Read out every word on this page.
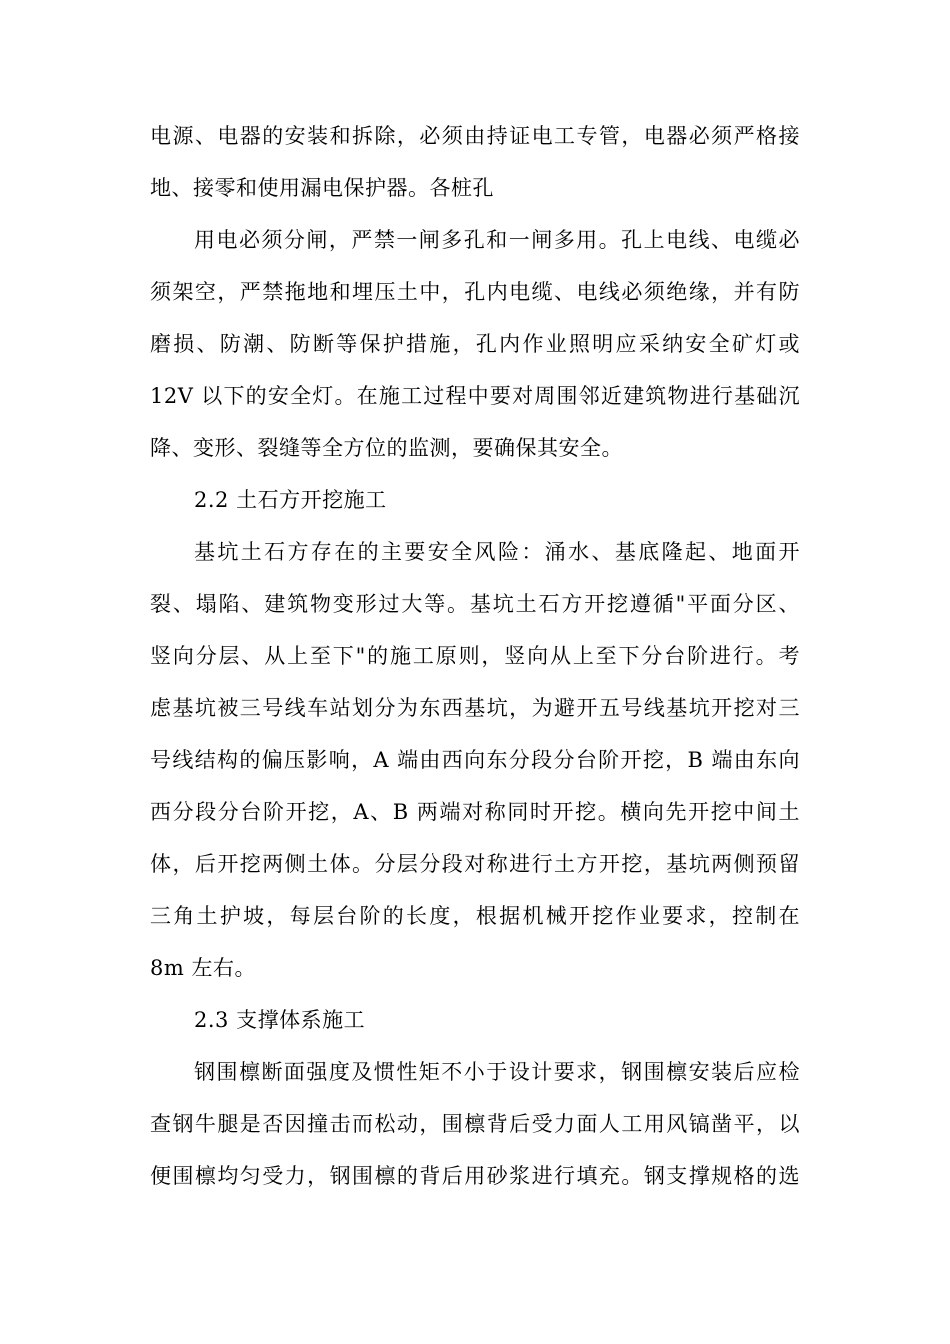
电源、电器的安装和拆除，必须由持证电工专管，电器必须严格接
地、接零和使用漏电保护器。各桩孔
用电必须分闸，严禁一闸多孔和一闸多用。孔上电线、电缆必
须架空，严禁拖地和埋压土中，孔内电缆、电线必须绝缘，并有防
磨损、防潮、防断等保护措施，孔内作业照明应采纳安全矿灯或
12V 以下的安全灯。在施工过程中要对周围邻近建筑物进行基础沉
降、变形、裂缝等全方位的监测，要确保其安全。
2.2 土石方开挖施工
基坑土石方存在的主要安全风险：涌水、基底隆起、地面开
裂、塌陷、建筑物变形过大等。基坑土石方开挖遵循"平面分区、
竖向分层、从上至下"的施工原则，竖向从上至下分台阶进行。考
虑基坑被三号线车站划分为东西基坑，为避开五号线基坑开挖对三
号线结构的偏压影响，A 端由西向东分段分台阶开挖，B 端由东向
西分段分台阶开挖，A、B 两端对称同时开挖。横向先开挖中间土
体，后开挖两侧土体。分层分段对称进行土方开挖，基坑两侧预留
三角土护坡，每层台阶的长度，根据机械开挖作业要求，控制在
8m 左右。
2.3 支撑体系施工
钢围檩断面强度及惯性矩不小于设计要求，钢围檩安装后应检
查钢牛腿是否因撞击而松动，围檩背后受力面人工用风镐凿平，以
便围檩均匀受力，钢围檩的背后用砂浆进行填充。钢支撑规格的选
